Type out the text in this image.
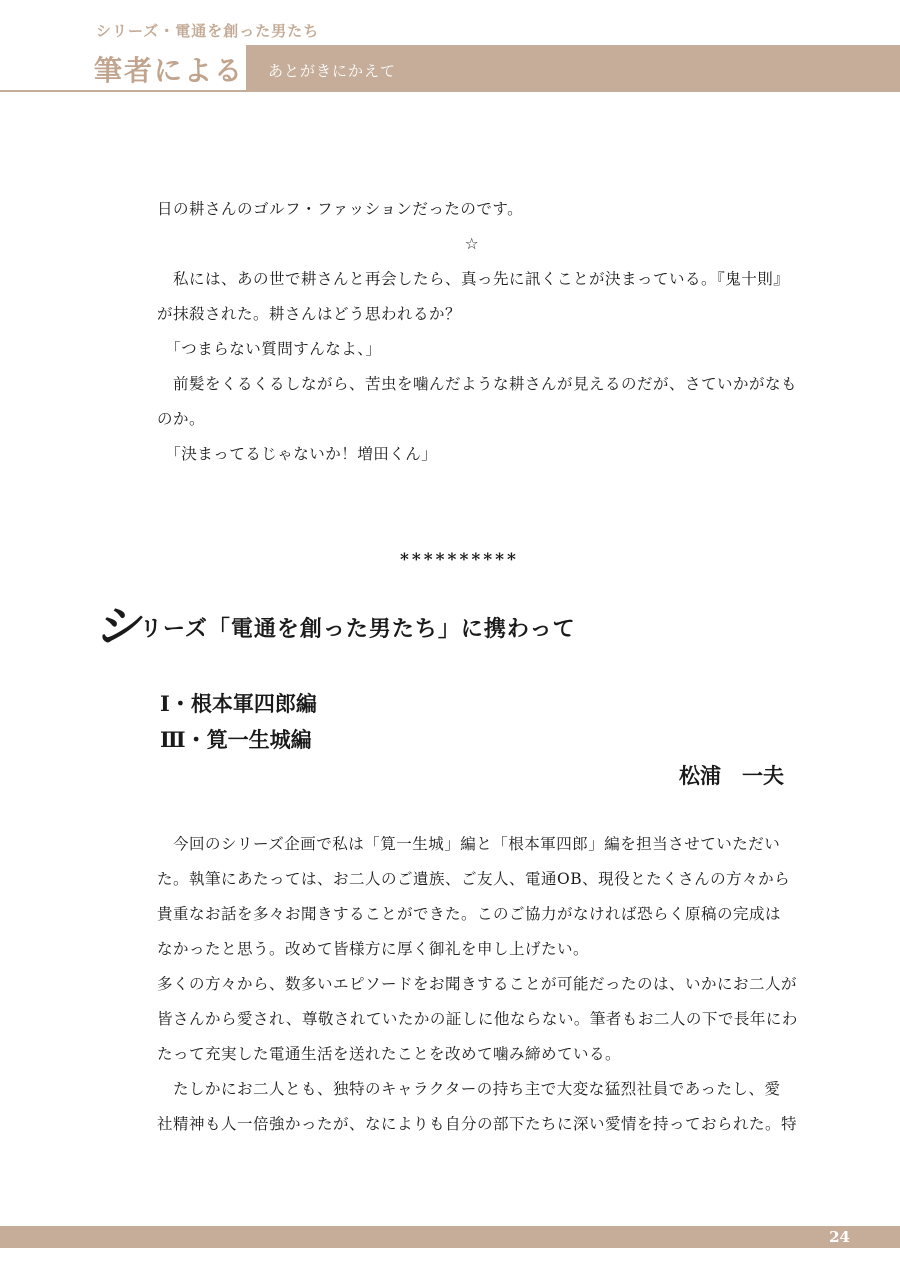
シリーズ・電通を創った男たち
筆者による あとがきにかえて
日の耕さんのゴルフ・ファッションだったのです。
☆
　私には、あの世で耕さんと再会したら、真っ先に訊くことが決まっている。『鬼十則』
が抹殺された。耕さんはどう思われるか？
　「つまらない質問すんなよ、」
　前髪をくるくるしながら、苦虫を噛んだような耕さんが見えるのだが、さていかがなも
のか。
　「決まってるじゃないか！増田くん」
**********
シリーズ「電通を創った男たち」に携わって
Ⅰ・根本軍四郎編
Ⅲ・筧一生城編
松浦　一夫
　今回のシリーズ企画で私は「筧一生城」編と「根本軍四郎」編を担当させていただい
た。執筆にあたっては、お二人のご遺族、ご友人、電通OB、現役とたくさんの方々から
貴重なお話を多々お聞きすることができた。このご協力がなければ恐らく原稿の完成は
なかったと思う。改めて皆様方に厚く御礼を申し上げたい。
多くの方々から、数多いエピソードをお聞きすることが可能だったのは、いかにお二人が
皆さんから愛され、尊敬されていたかの証しに他ならない。筆者もお二人の下で長年にわ
たって充実した電通生活を送れたことを改めて噛み締めている。
　たしかにお二人とも、独特のキャラクターの持ち主で大変な猛烈社員であったし、愛
社精神も人一倍強かったが、なによりも自分の部下たちに深い愛情を持っておられた。特
24
